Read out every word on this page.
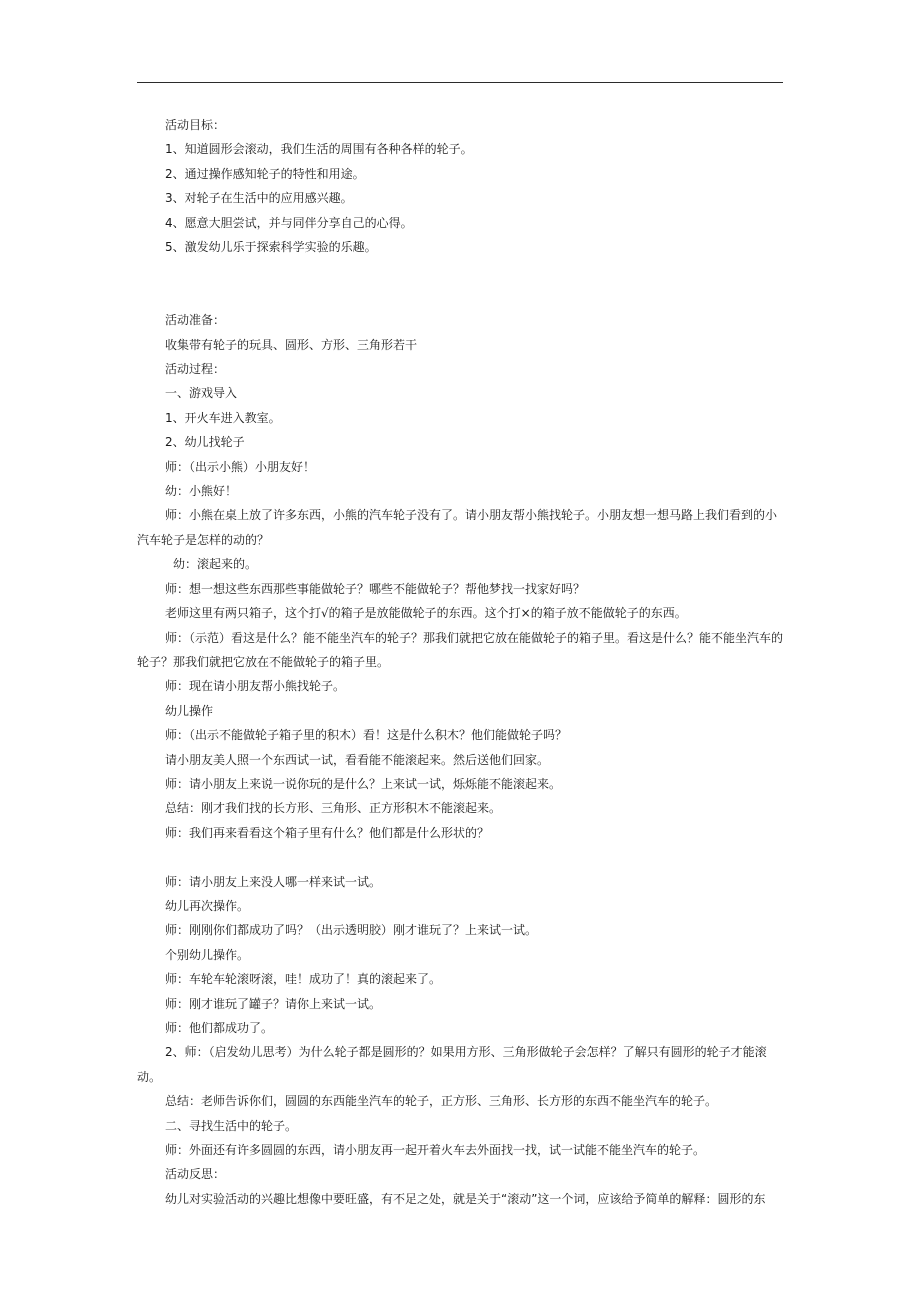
活动目标：
1、知道圆形会滚动，我们生活的周围有各种各样的轮子。
2、通过操作感知轮子的特性和用途。
3、对轮子在生活中的应用感兴趣。
4、愿意大胆尝试，并与同伴分享自己的心得。
5、激发幼儿乐于探索科学实验的乐趣。
活动准备：
收集带有轮子的玩具、圆形、方形、三角形若干
活动过程：
一、游戏导入
1、开火车进入教室。
2、幼儿找轮子
师：（出示小熊）小朋友好！
幼：小熊好！
师：小熊在桌上放了许多东西，小熊的汽车轮子没有了。请小朋友帮小熊找轮子。小朋友想一想马路上我们看到的小汽车轮子是怎样的动的？
幼：滚起来的。
师：想一想这些东西那些事能做轮子？哪些不能做轮子？帮他梦找一找家好吗？
老师这里有两只箱子，这个打√的箱子是放能做轮子的东西。这个打×的箱子放不能做轮子的东西。
师：（示范）看这是什么？能不能坐汽车的轮子？那我们就把它放在能做轮子的箱子里。看这是什么？能不能坐汽车的轮子？那我们就把它放在不能做轮子的箱子里。
师：现在请小朋友帮小熊找轮子。
幼儿操作
师：（出示不能做轮子箱子里的积木）看！这是什么积木？他们能做轮子吗？
请小朋友美人照一个东西试一试，看看能不能滚起来。然后送他们回家。
师：请小朋友上来说一说你玩的是什么？上来试一试，烁烁能不能滚起来。
总结：刚才我们找的长方形、三角形、正方形积木不能滚起来。
师：我们再来看看这个箱子里有什么？他们都是什么形状的？
师：请小朋友上来没人哪一样来试一试。
幼儿再次操作。
师：刚刚你们都成功了吗？（出示透明胶）刚才谁玩了？上来试一试。
个别幼儿操作。
师：车轮车轮滚呀滚，哇！成功了！真的滚起来了。
师：刚才谁玩了罐子？请你上来试一试。
师：他们都成功了。
2、师：（启发幼儿思考）为什么轮子都是圆形的？如果用方形、三角形做轮子会怎样？了解只有圆形的轮子才能滚动。
总结：老师告诉你们，圆圆的东西能坐汽车的轮子，正方形、三角形、长方形的东西不能坐汽车的轮子。
二、寻找生活中的轮子。
师：外面还有许多圆圆的东西，请小朋友再一起开着火车去外面找一找，试一试能不能坐汽车的轮子。
活动反思：
幼儿对实验活动的兴趣比想像中要旺盛，有不足之处，就是关于“滚动”这一个词，应该给予简单的解释：圆形的东
